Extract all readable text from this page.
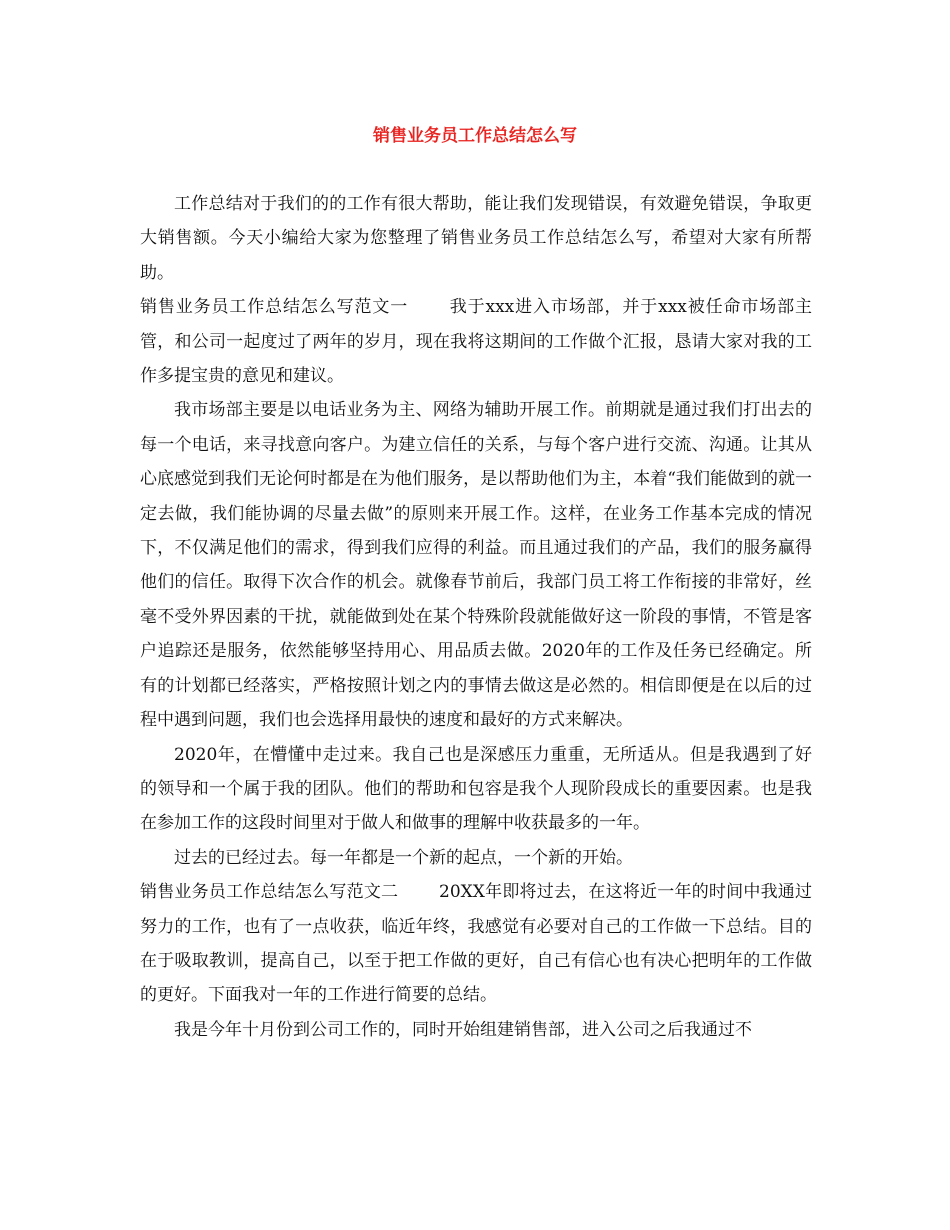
销售业务员工作总结怎么写

工作总结对于我们的的工作有很大帮助，能让我们发现错误，有效避免错误，争取更大销售额。今天小编给大家为您整理了销售业务员工作总结怎么写，希望对大家有所帮助。

销售业务员工作总结怎么写范文一 我于xxx进入市场部，并于xxx被任命市场部主管，和公司一起度过了两年的岁月，现在我将这期间的工作做个汇报，恳请大家对我的工作多提宝贵的意见和建议。

我市场部主要是以电话业务为主、网络为辅助开展工作。前期就是通过我们打出去的每一个电话，来寻找意向客户。为建立信任的关系，与每个客户进行交流、沟通。让其从心底感觉到我们无论何时都是在为他们服务，是以帮助他们为主，本着“我们能做到的就一定去做，我们能协调的尽量去做”的原则来开展工作。这样，在业务工作基本完成的情况下，不仅满足他们的需求，得到我们应得的利益。而且通过我们的产品，我们的服务赢得他们的信任。取得下次合作的机会。就像春节前后，我部门员工将工作衔接的非常好，丝毫不受外界因素的干扰，就能做到处在某个特殊阶段就能做好这一阶段的事情，不管是客户追踪还是服务，依然能够坚持用心、用品质去做。2020年的工作及任务已经确定。所有的计划都已经落实，严格按照计划之内的事情去做这是必然的。相信即便是在以后的过程中遇到问题，我们也会选择用最快的速度和最好的方式来解决。

2020年，在懵懂中走过来。我自己也是深感压力重重，无所适从。但是我遇到了好的领导和一个属于我的团队。他们的帮助和包容是我个人现阶段成长的重要因素。也是我在参加工作的这段时间里对于做人和做事的理解中收获最多的一年。

过去的已经过去。每一年都是一个新的起点，一个新的开始。

销售业务员工作总结怎么写范文二 20XX年即将过去，在这将近一年的时间中我通过努力的工作，也有了一点收获，临近年终，我感觉有必要对自己的工作做一下总结。目的在于吸取教训，提高自己，以至于把工作做的更好，自己有信心也有决心把明年的工作做的更好。下面我对一年的工作进行简要的总结。

我是今年十月份到公司工作的，同时开始组建销售部，进入公司之后我通过不
